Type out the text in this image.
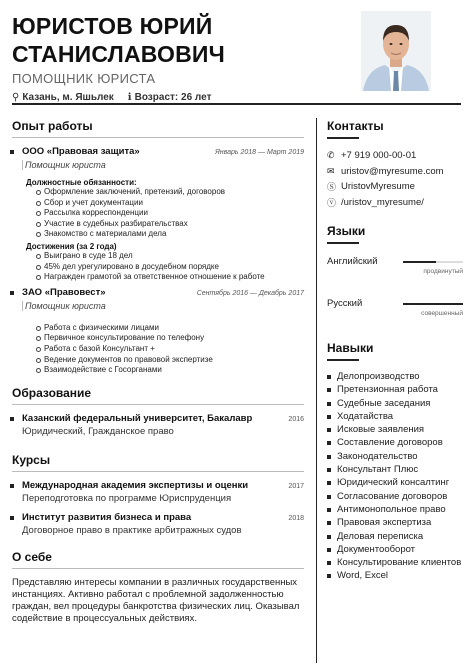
ЮРИСТОВ ЮРИЙ
СТАНИСЛАВОВИЧ
ПОМОЩНИК ЮРИСТА
⚲ Казань, м. Яшьлек ℹ Возраст: 26 лет
Опыт работы
ООО «Правовая защита»	Январь 2018 — Март 2019
Помощник юриста
Должностные обязанности:
Оформление заключений, претензий, договоров
Сбор и учет документации
Рассылка корреспонденции
Участие в судебных разбирательствах
Знакомство с материалами дела
Достижения (за 2 года)
Выиграно в суде 18 дел
45% дел урегулировано в досудебном порядке
Награжден грамотой за ответственное отношение к работе
ЗАО «Правовест»	Сентябрь 2016 — Декабрь 2017
Помощник юриста
Работа с физическими лицами
Первичное консультирование по телефону
Работа с базой Консультант +
Ведение документов по правовой экспертизе
Взаимодействие с Госорганами
Образование
Казанский федеральный университет, Бакалавр	2016
Юридический, Гражданское право
Курсы
Международная академия экспертизы и оценки	2017
Переподготовка по программе Юриспруденция
Институт развития бизнеса и права	2018
Договорное право в практике арбитражных судов
О себе
Представляю интересы компании в различных государственных инстанциях. Активно работал с проблемной задолженностью граждан, вел процедуры банкротства физических лиц. Оказывал содействие в процессуальных действиях.
Контакты
✆ +7 919 000-00-01
✉ uristov@myresume.com
Ⓢ UristovMyresume
ⓥ /uristov_myresume/
Языки
Английский
продвинутый
Русский
совершенный
Навыки
Делопроизводство
Претензионная работа
Судебные заседания
Ходатайства
Исковые заявления
Составление договоров
Законодательство
Консультант Плюс
Юридический консалтинг
Согласование договоров
Антимонопольное право
Правовая экспертиза
Деловая переписка
Документооборот
Консультирование клиентов
Word, Excel
